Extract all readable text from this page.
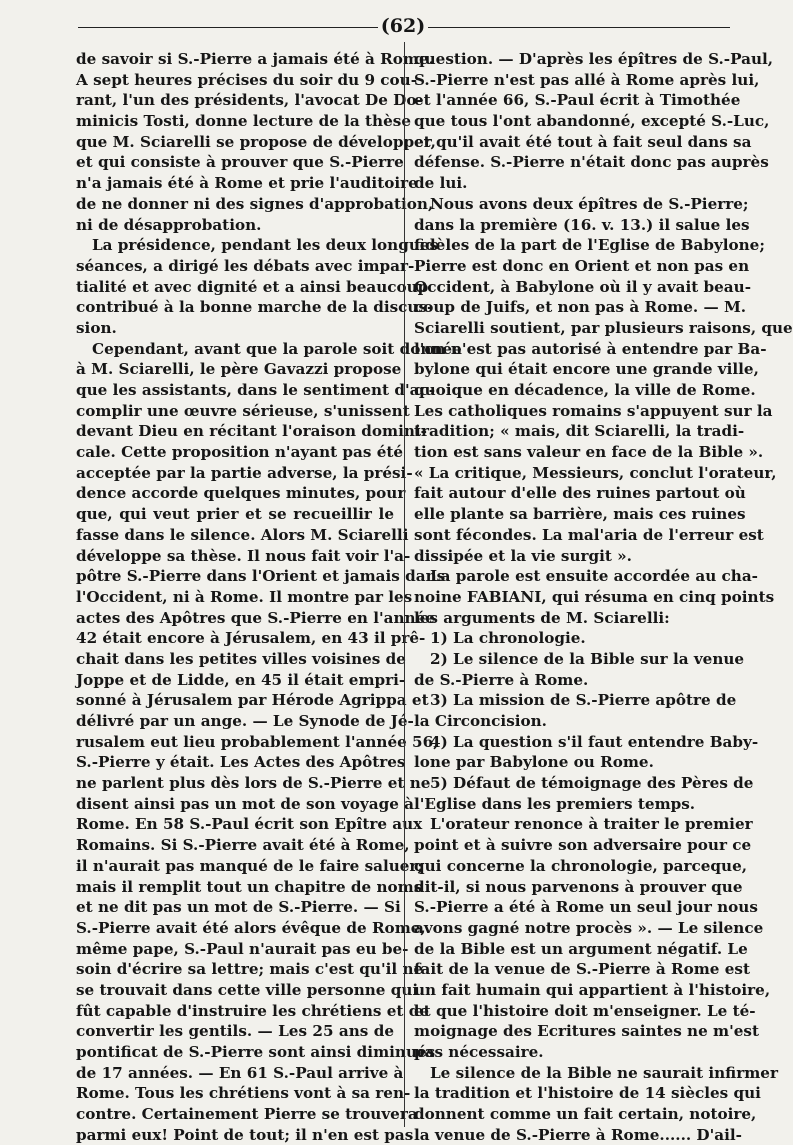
(62)
de savoir si S.-Pierre a jamais été à Rome.
A sept heures précises du soir du 9 cou-
rant, l'un des présidents, l'avocat De Do-
minicis Tosti, donne lecture de la thèse
que M. Sciarelli se propose de développer,
et qui consiste à prouver que S.-Pierre
n'a jamais été à Rome et prie l'auditoire
de ne donner ni des signes d'approbation,
ni de désapprobation.
La présidence, pendant les deux longues
séances, a dirigé les débats avec impar-
tialité et avec dignité et a ainsi beaucoup
contribué à la bonne marche de la discus-
sion.
Cependant, avant que la parole soit donnée
à M. Sciarelli, le père Gavazzi propose
que les assistants, dans le sentiment d'ac-
complir une œuvre sérieuse, s'unissent
devant Dieu en récitant l'oraison domini-
cale. Cette proposition n'ayant pas été
acceptée par la partie adverse, la prési-
dence accorde quelques minutes, pour
que, qui veut prier et se recueillir le
fasse dans le silence. Alors M. Sciarelli
développe sa thèse. Il nous fait voir l'a-
pôtre S.-Pierre dans l'Orient et jamais dans
l'Occident, ni à Rome. Il montre par les
actes des Apôtres que S.-Pierre en l'année
42 était encore à Jérusalem, en 43 il prê-
chait dans les petites villes voisines de
Joppe et de Lidde, en 45 il était empri-
sonné à Jérusalem par Hérode Agrippa et
délivré par un ange. — Le Synode de Jé-
rusalem eut lieu probablement l'année 56,
S.-Pierre y était. Les Actes des Apôtres
ne parlent plus dès lors de S.-Pierre et ne
disent ainsi pas un mot de son voyage à
Rome. En 58 S.-Paul écrit son Epître aux
Romains. Si S.-Pierre avait été à Rome,
il n'aurait pas manqué de le faire saluer;
mais il remplit tout un chapitre de noms
et ne dit pas un mot de S.-Pierre. — Si
S.-Pierre avait été alors évêque de Rome,
même pape, S.-Paul n'aurait pas eu be-
soin d'écrire sa lettre; mais c'est qu'il ne
se trouvait dans cette ville personne qui
fût capable d'instruire les chrétiens et de
convertir les gentils. — Les 25 ans de
pontificat de S.-Pierre sont ainsi diminués
de 17 années. — En 61 S.-Paul arrive à
Rome. Tous les chrétiens vont à sa ren-
contre. Certainement Pierre se trouvera
parmi eux! Point de tout; il n'en est pas
question. — D'après les épîtres de S.-Paul,
S.-Pierre n'est pas allé à Rome après lui,
et l'année 66, S.-Paul écrit à Timothée
que tous l'ont abandonné, excepté S.-Luc,
et qu'il avait été tout à fait seul dans sa
défense. S.-Pierre n'était donc pas auprès
de lui.
Nous avons deux épîtres de S.-Pierre;
dans la première (16. v. 13.) il salue les
fidèles de la part de l'Eglise de Babylone;
Pierre est donc en Orient et non pas en
Occident, à Babylone où il y avait beau-
coup de Juifs, et non pas à Rome. — M.
Sciarelli soutient, par plusieurs raisons, que
l'on n'est pas autorisé à entendre par Ba-
bylone qui était encore une grande ville,
quoique en décadence, la ville de Rome.
Les catholiques romains s'appuyent sur la
tradition; « mais, dit Sciarelli, la tradi-
tion est sans valeur en face de la Bible ».
« La critique, Messieurs, conclut l'orateur,
fait autour d'elle des ruines partout où
elle plante sa barrière, mais ces ruines
sont fécondes. La mal'aria de l'erreur est
dissipée et la vie surgit ».
La parole est ensuite accordée au cha-
noine FABIANI, qui résuma en cinq points
les arguments de M. Sciarelli:
1) La chronologie.
2) Le silence de la Bible sur la venue
de S.-Pierre à Rome.
3) La mission de S.-Pierre apôtre de
la Circoncision.
4) La question s'il faut entendre Baby-
lone par Babylone ou Rome.
5) Défaut de témoignage des Pères de
l'Eglise dans les premiers temps.
L'orateur renonce à traiter le premier
point et à suivre son adversaire pour ce
qui concerne la chronologie, parceque,
dit-il, si nous parvenons à prouver que
S.-Pierre a été à Rome un seul jour nous
avons gagné notre procès ». — Le silence
de la Bible est un argument négatif. Le
fait de la venue de S.-Pierre à Rome est
un fait humain qui appartient à l'histoire,
et que l'histoire doit m'enseigner. Le té-
moignage des Ecritures saintes ne m'est
pas nécessaire.
Le silence de la Bible ne saurait infirmer
la tradition et l'histoire de 14 siècles qui
donnent comme un fait certain, notoire,
la venue de S.-Pierre à Rome...... D'ail-
